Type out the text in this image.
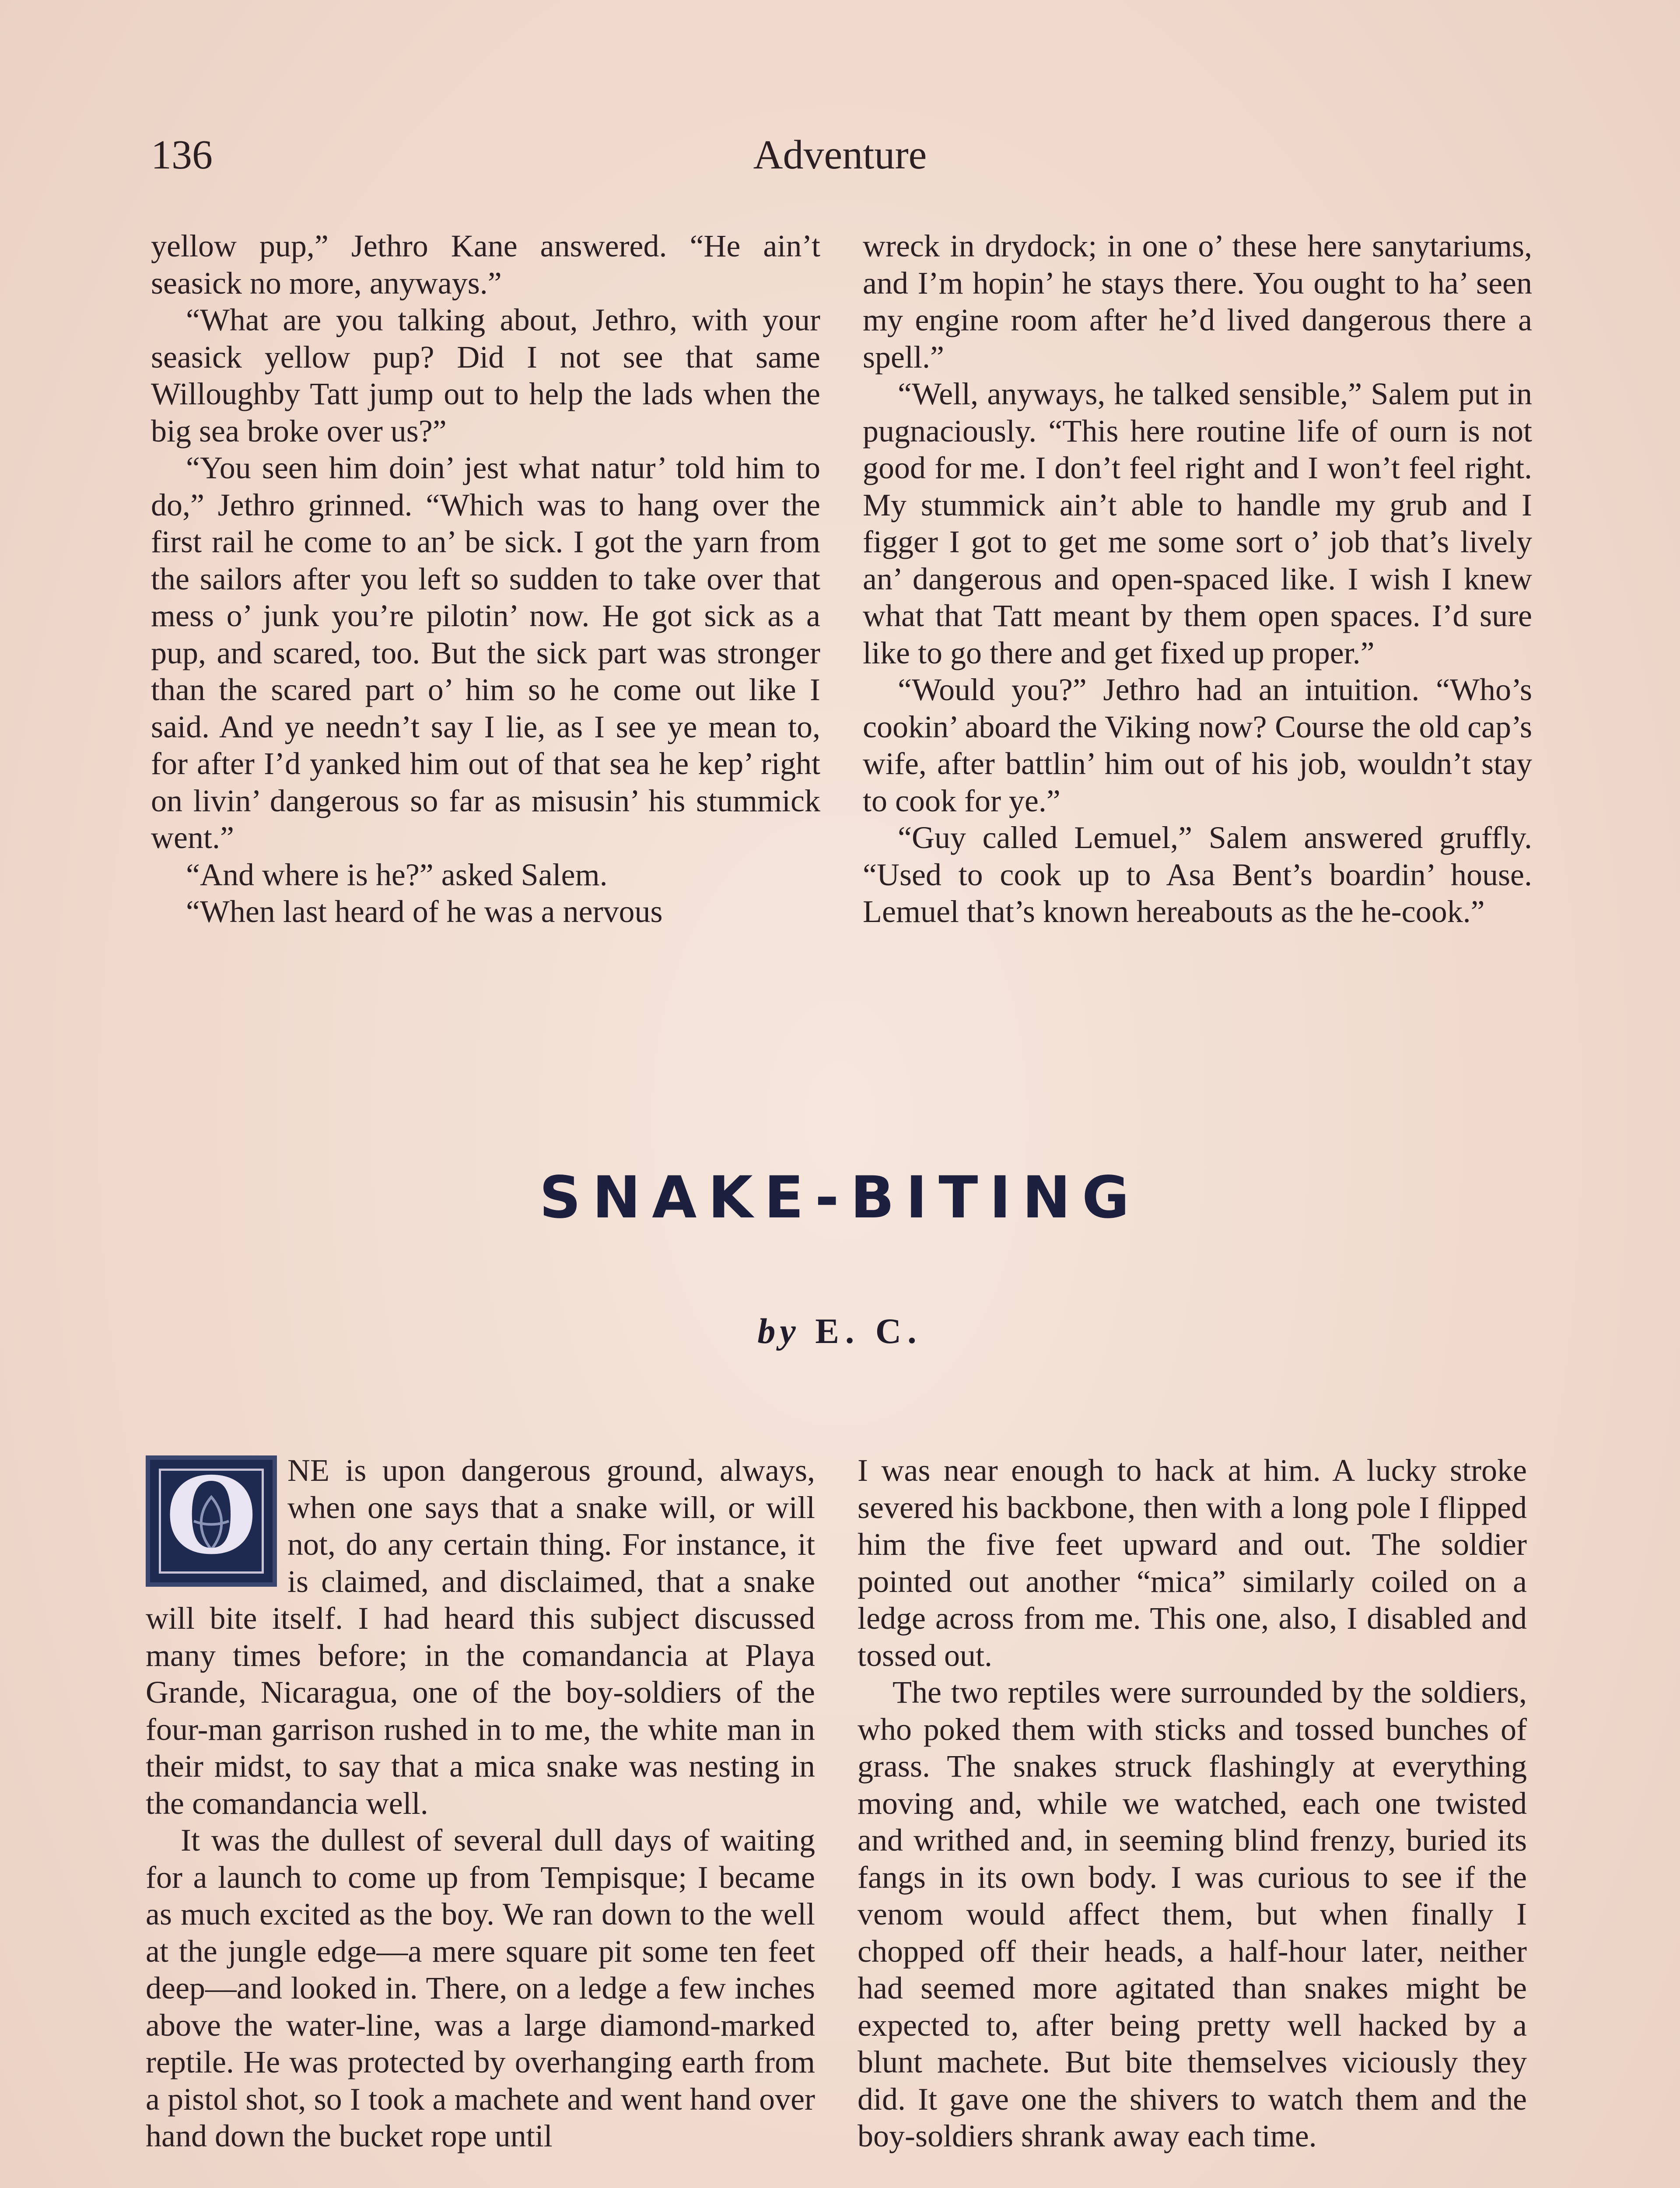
136	Adventure

yellow pup,” Jethro Kane answered. “He ain’t seasick no more, anyways.”

“What are you talking about, Jethro, with your seasick yellow pup? Did I not see that same Willoughby Tatt jump out to help the lads when the big sea broke over us?”

“You seen him doin’ jest what natur’ told him to do,” Jethro grinned. “Which was to hang over the first rail he come to an’ be sick. I got the yarn from the sailors after you left so sudden to take over that mess o’ junk you’re pilotin’ now. He got sick as a pup, and scared, too. But the sick part was stronger than the scared part o’ him so he come out like I said. And ye needn’t say I lie, as I see ye mean to, for after I’d yanked him out of that sea he kep’ right on livin’ dangerous so far as misusin’ his stummick went.”

“And where is he?” asked Salem.

“When last heard of he was a nervous

wreck in drydock; in one o’ these here sanytariums, and I’m hopin’ he stays there. You ought to ha’ seen my engine room after he’d lived dangerous there a spell.”

“Well, anyways, he talked sensible,” Salem put in pugnaciously. “This here routine life of ourn is not good for me. I don’t feel right and I won’t feel right. My stummick ain’t able to handle my grub and I figger I got to get me some sort o’ job that’s lively an’ dangerous and open-spaced like. I wish I knew what that Tatt meant by them open spaces. I’d sure like to go there and get fixed up proper.”

“Would you?” Jethro had an intuition. “Who’s cookin’ aboard the Viking now? Course the old cap’s wife, after battlin’ him out of his job, wouldn’t stay to cook for ye.”

“Guy called Lemuel,” Salem answered gruffly. “Used to cook up to Asa Bent’s boardin’ house. Lemuel that’s known hereabouts as the he-cook.”

SNAKE-BITING
by E. C.
O NE is upon dangerous ground, always, when one says that a snake will, or will not, do any certain thing. For instance, it is claimed, and disclaimed, that a snake will bite itself. I had heard this subject discussed many times before; in the comandancia at Playa Grande, Nicaragua, one of the boy-soldiers of the four-man garrison rushed in to me, the white man in their midst, to say that a mica snake was nesting in the comandancia well.

It was the dullest of several dull days of waiting for a launch to come up from Tempisque; I became as much excited as the boy. We ran down to the well at the jungle edge—a mere square pit some ten feet deep—and looked in. There, on a ledge a few inches above the water-line, was a large diamond-marked reptile. He was protected by overhanging earth from a pistol shot, so I took a machete and went hand over hand down the bucket rope until

I was near enough to hack at him. A lucky stroke severed his backbone, then with a long pole I flipped him the five feet upward and out. The soldier pointed out another “mica” similarly coiled on a ledge across from me. This one, also, I disabled and tossed out.

The two reptiles were surrounded by the soldiers, who poked them with sticks and tossed bunches of grass. The snakes struck flashingly at everything moving and, while we watched, each one twisted and writhed and, in seeming blind frenzy, buried its fangs in its own body. I was curious to see if the venom would affect them, but when finally I chopped off their heads, a half-hour later, neither had seemed more agitated than snakes might be expected to, after being pretty well hacked by a blunt machete. But bite themselves viciously they did. It gave one the shivers to watch them and the boy-soldiers shrank away each time.
